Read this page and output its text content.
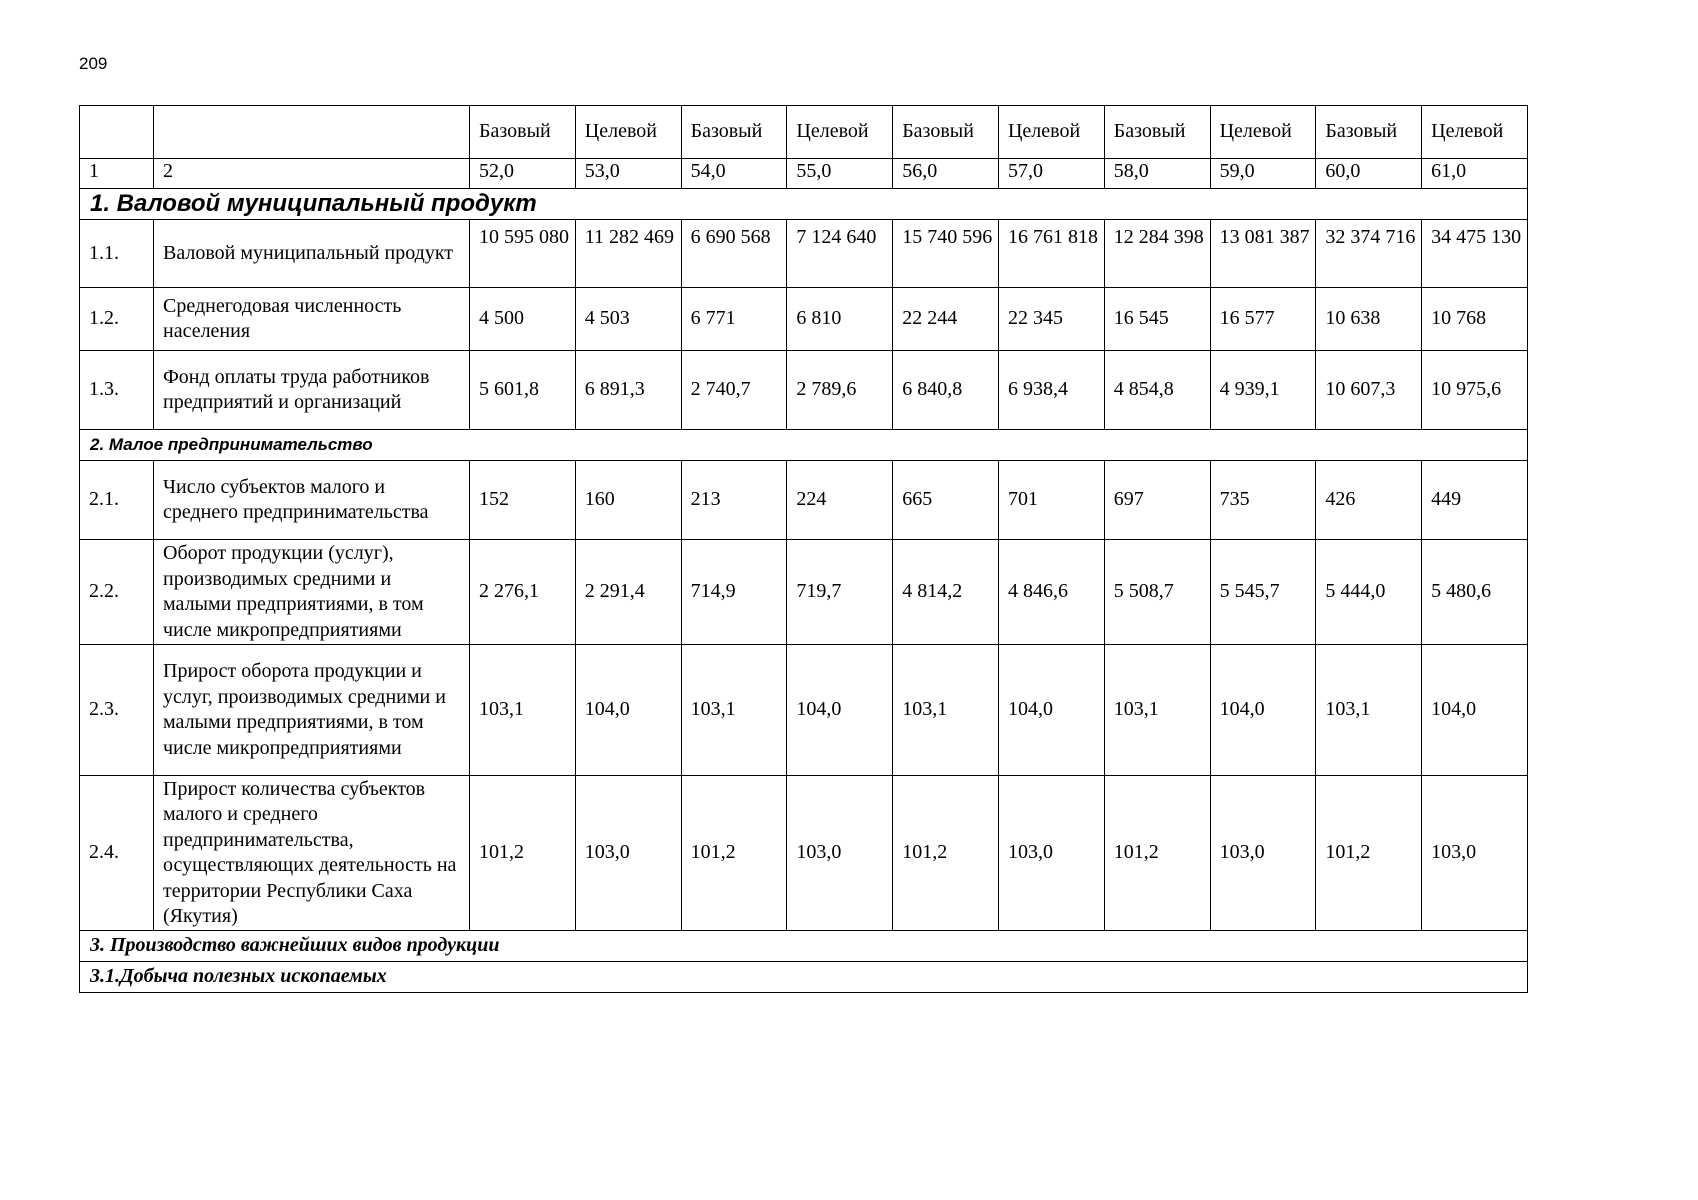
209
		Базовый	Целевой	Базовый	Целевой	Базовый	Целевой	Базовый	Целевой	Базовый	Целевой
1	2	52,0	53,0	54,0	55,0	56,0	57,0	58,0	59,0	60,0	61,0
1. Валовой муниципальный продукт											
1.1.	Валовой муниципальный продукт	10 595 080	11 282 469	6 690 568	7 124 640	15 740 596	16 761 818	12 284 398	13 081 387	32 374 716	34 475 130
1.2.	Среднегодовая численность населения	4 500	4 503	6 771	6 810	22 244	22 345	16 545	16 577	10 638	10 768
1.3.	Фонд оплаты труда работников предприятий и организаций	5 601,8	6 891,3	2 740,7	2 789,6	6 840,8	6 938,4	4 854,8	4 939,1	10 607,3	10 975,6
2. Малое предпринимательство											
2.1.	Число субъектов малого и среднего предпринимательства	152	160	213	224	665	701	697	735	426	449
2.2.	Оборот продукции (услуг), производимых средними и малыми предприятиями, в том числе микропредприятиями	2 276,1	2 291,4	714,9	719,7	4 814,2	4 846,6	5 508,7	5 545,7	5 444,0	5 480,6
2.3.	Прирост оборота продукции и услуг, производимых средними и малыми предприятиями, в том числе микропредприятиями	103,1	104,0	103,1	104,0	103,1	104,0	103,1	104,0	103,1	104,0
2.4.	Прирост количества субъектов малого и среднего предпринимательства, осуществляющих деятельность на территории Республики Саха (Якутия)	101,2	103,0	101,2	103,0	101,2	103,0	101,2	103,0	101,2	103,0
3. Производство важнейших видов продукции											
3.1.Добыча полезных ископаемых											
